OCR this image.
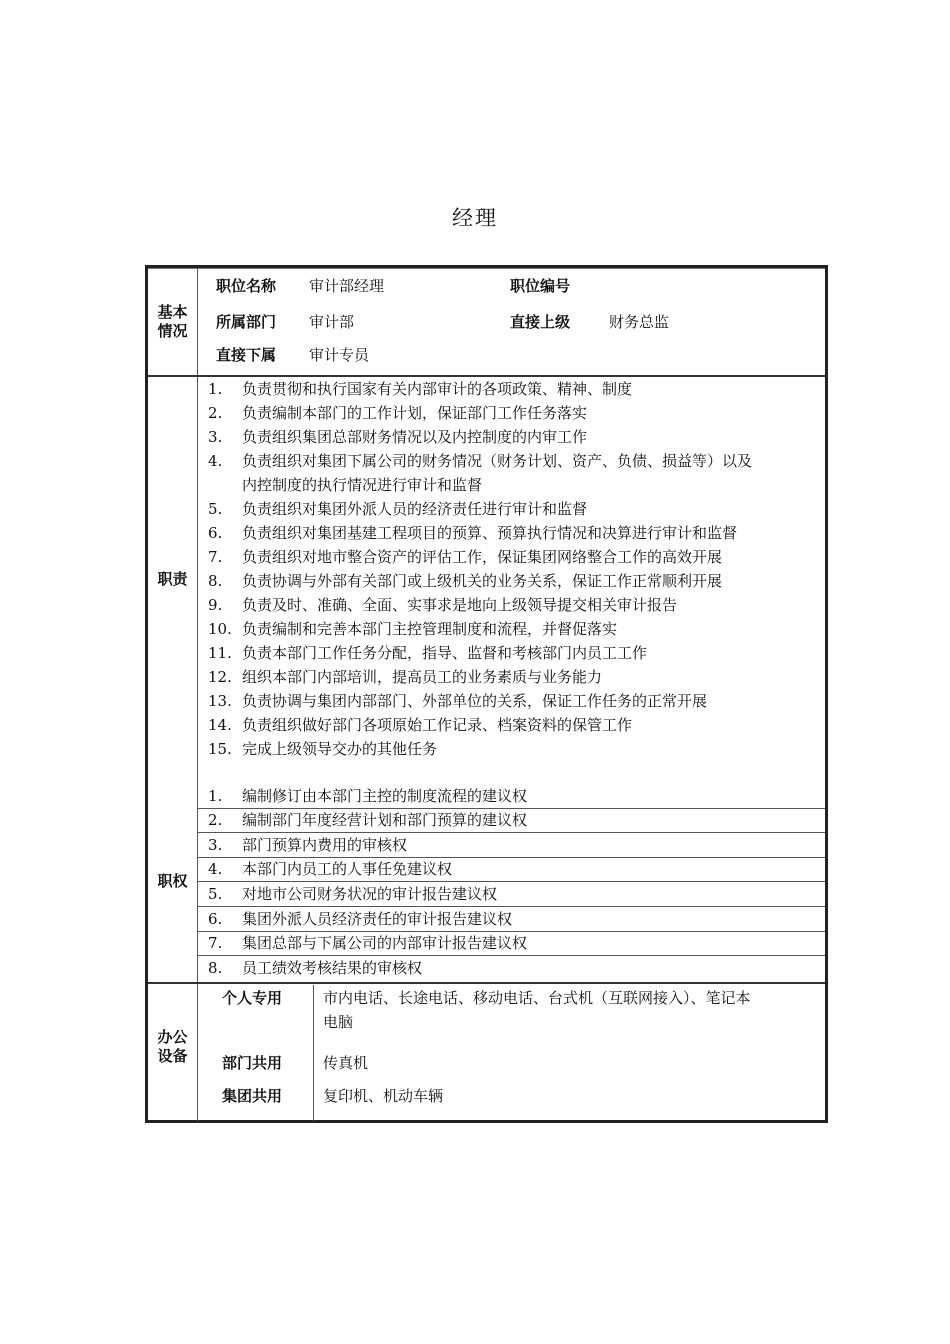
经理
基本情况
职位名称 审计部经理	职位编号
所属部门 审计部	直接上级	财务总监
直接下属 审计专员
职责
1. 负责贯彻和执行国家有关内部审计的各项政策、精神、制度
2. 负责编制本部门的工作计划，保证部门工作任务落实
3. 负责组织集团总部财务情况以及内控制度的内审工作
4. 负责组织对集团下属公司的财务情况（财务计划、资产、负债、损益等）以及
内控制度的执行情况进行审计和监督
5. 负责组织对集团外派人员的经济责任进行审计和监督
6. 负责组织对集团基建工程项目的预算、预算执行情况和决算进行审计和监督
7. 负责组织对地市整合资产的评估工作，保证集团网络整合工作的高效开展
8. 负责协调与外部有关部门或上级机关的业务关系，保证工作正常顺利开展
9. 负责及时、准确、全面、实事求是地向上级领导提交相关审计报告
10. 负责编制和完善本部门主控管理制度和流程，并督促落实
11. 负责本部门工作任务分配，指导、监督和考核部门内员工工作
12. 组织本部门内部培训，提高员工的业务素质与业务能力
13. 负责协调与集团内部部门、外部单位的关系，保证工作任务的正常开展
14. 负责组织做好部门各项原始工作记录、档案资料的保管工作
15. 完成上级领导交办的其他任务
职权
1. 编制修订由本部门主控的制度流程的建议权
2. 编制部门年度经营计划和部门预算的建议权
3. 部门预算内费用的审核权
4. 本部门内员工的人事任免建议权
5. 对地市公司财务状况的审计报告建议权
6. 集团外派人员经济责任的审计报告建议权
7. 集团总部与下属公司的内部审计报告建议权
8. 员工绩效考核结果的审核权
办公设备
个人专用	市内电话、长途电话、移动电话、台式机（互联网接入）、笔记本
电脑
部门共用	传真机
集团共用	复印机、机动车辆
